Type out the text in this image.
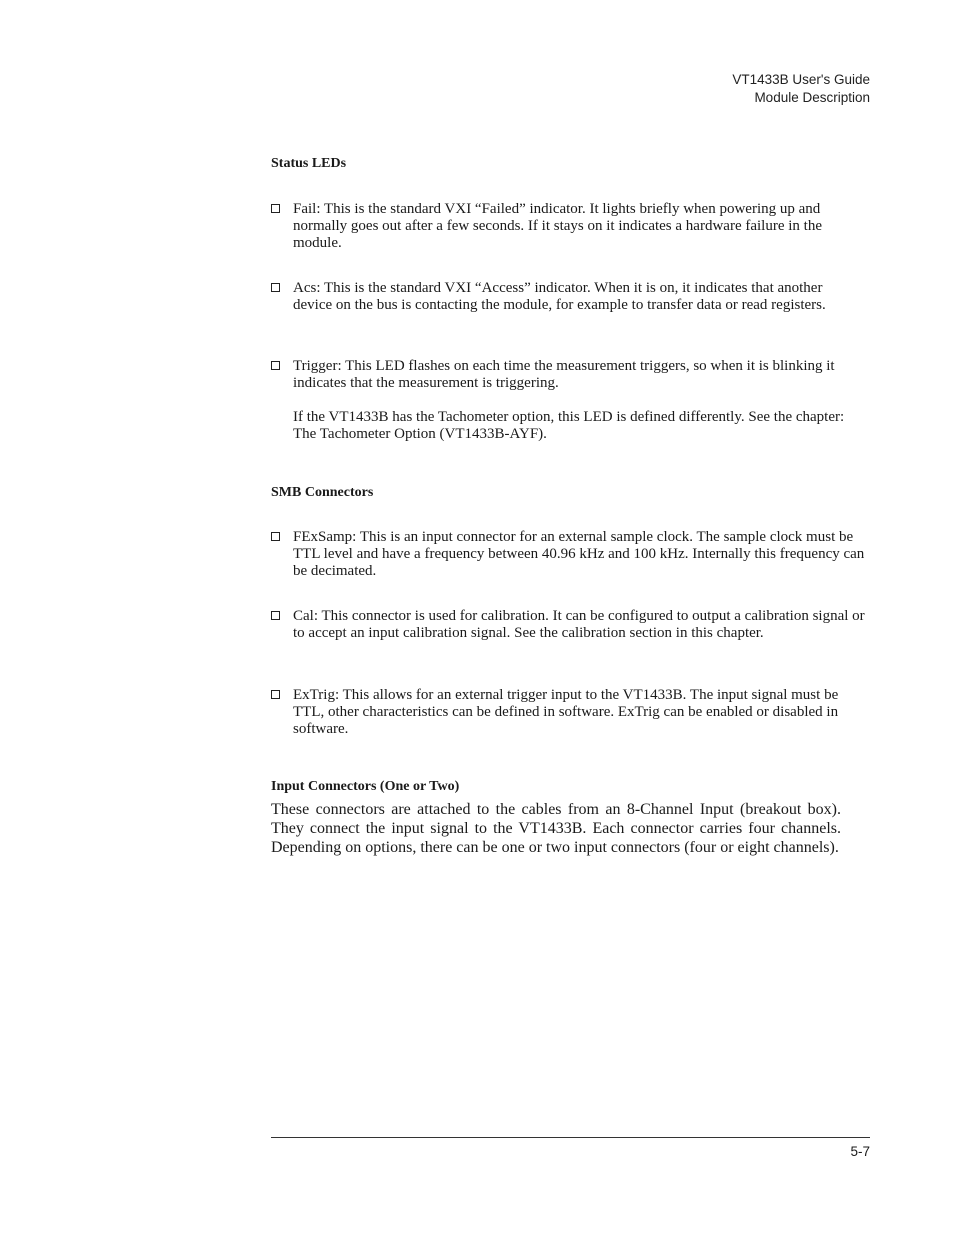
VT1433B User's Guide
Module Description
Status LEDs
Fail: This is the standard VXI “Failed” indicator. It lights briefly when powering up and normally goes out after a few seconds. If it stays on it indicates a hardware failure in the module.
Acs: This is the standard VXI “Access” indicator. When it is on, it indicates that another device on the bus is contacting the module, for example to transfer data or read registers.
Trigger: This LED flashes on each time the measurement triggers, so when it is blinking it indicates that the measurement is triggering.
If the VT1433B has the Tachometer option, this LED is defined differently. See the chapter: The Tachometer Option (VT1433B-AYF).
SMB Connectors
FExSamp: This is an input connector for an external sample clock. The sample clock must be TTL level and have a frequency between 40.96 kHz and 100 kHz. Internally this frequency can be decimated.
Cal: This connector is used for calibration. It can be configured to output a calibration signal or to accept an input calibration signal. See the calibration section in this chapter.
ExTrig: This allows for an external trigger input to the VT1433B. The input signal must be TTL, other characteristics can be defined in software. ExTrig can be enabled or disabled in software.
Input Connectors (One or Two)
These connectors are attached to the cables from an 8-Channel Input (breakout box). They connect the input signal to the VT1433B. Each connector carries four channels. Depending on options, there can be one or two input connectors (four or eight channels).
5-7
